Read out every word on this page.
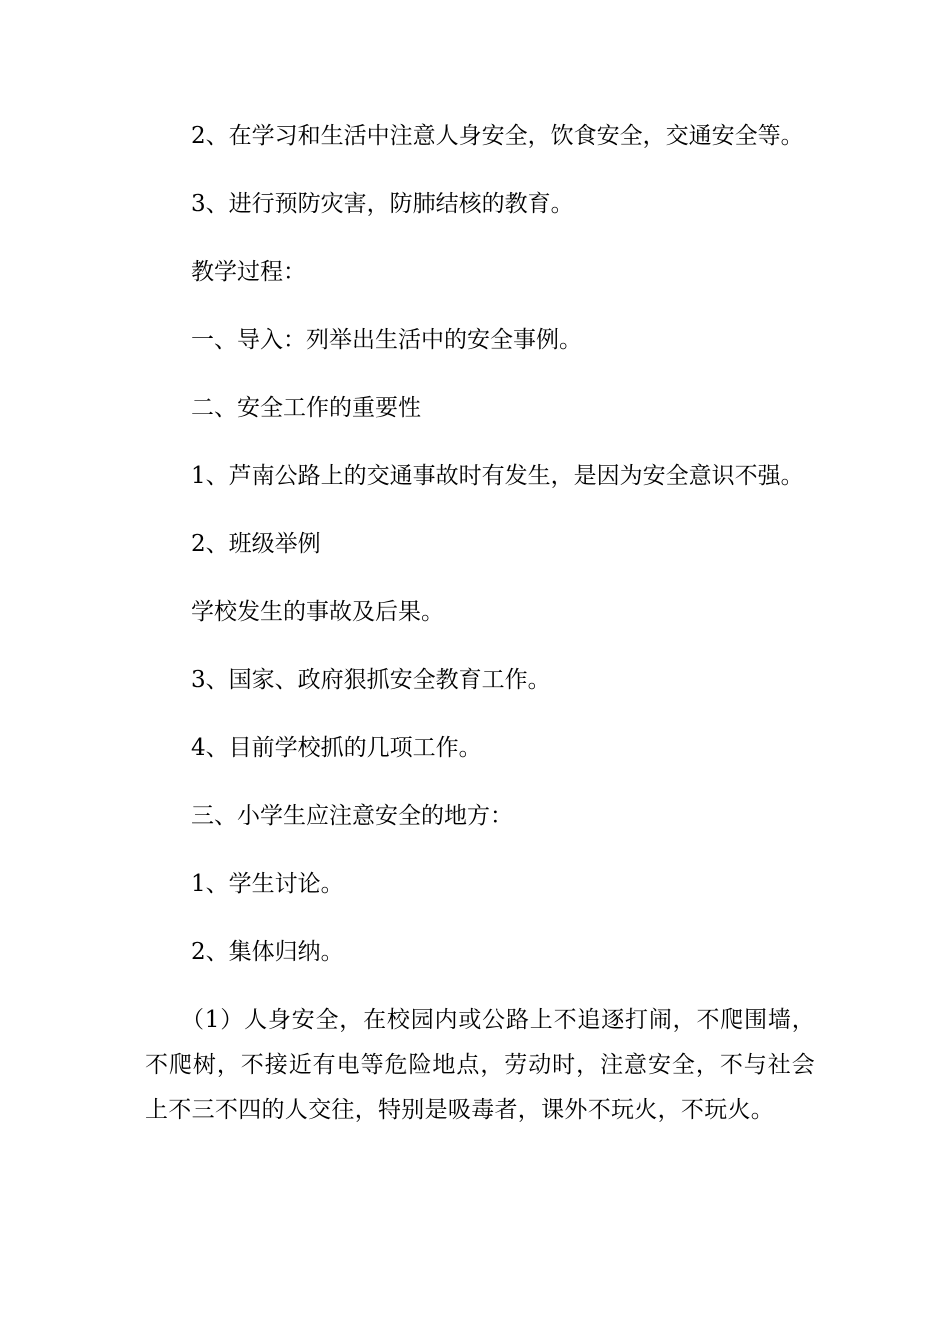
2、在学习和生活中注意人身安全，饮食安全，交通安全等。

3、进行预防灾害，防肺结核的教育。

教学过程：

一、导入：列举出生活中的安全事例。

二、安全工作的重要性

1、芦南公路上的交通事故时有发生，是因为安全意识不强。

2、班级举例

学校发生的事故及后果。

3、国家、政府狠抓安全教育工作。

4、目前学校抓的几项工作。

三、小学生应注意安全的地方：

1、学生讨论。

2、集体归纳。

（1）人身安全，在校园内或公路上不追逐打闹，不爬围墙，不爬树，不接近有电等危险地点，劳动时，注意安全，不与社会上不三不四的人交往，特别是吸毒者，课外不玩火，不玩火。
